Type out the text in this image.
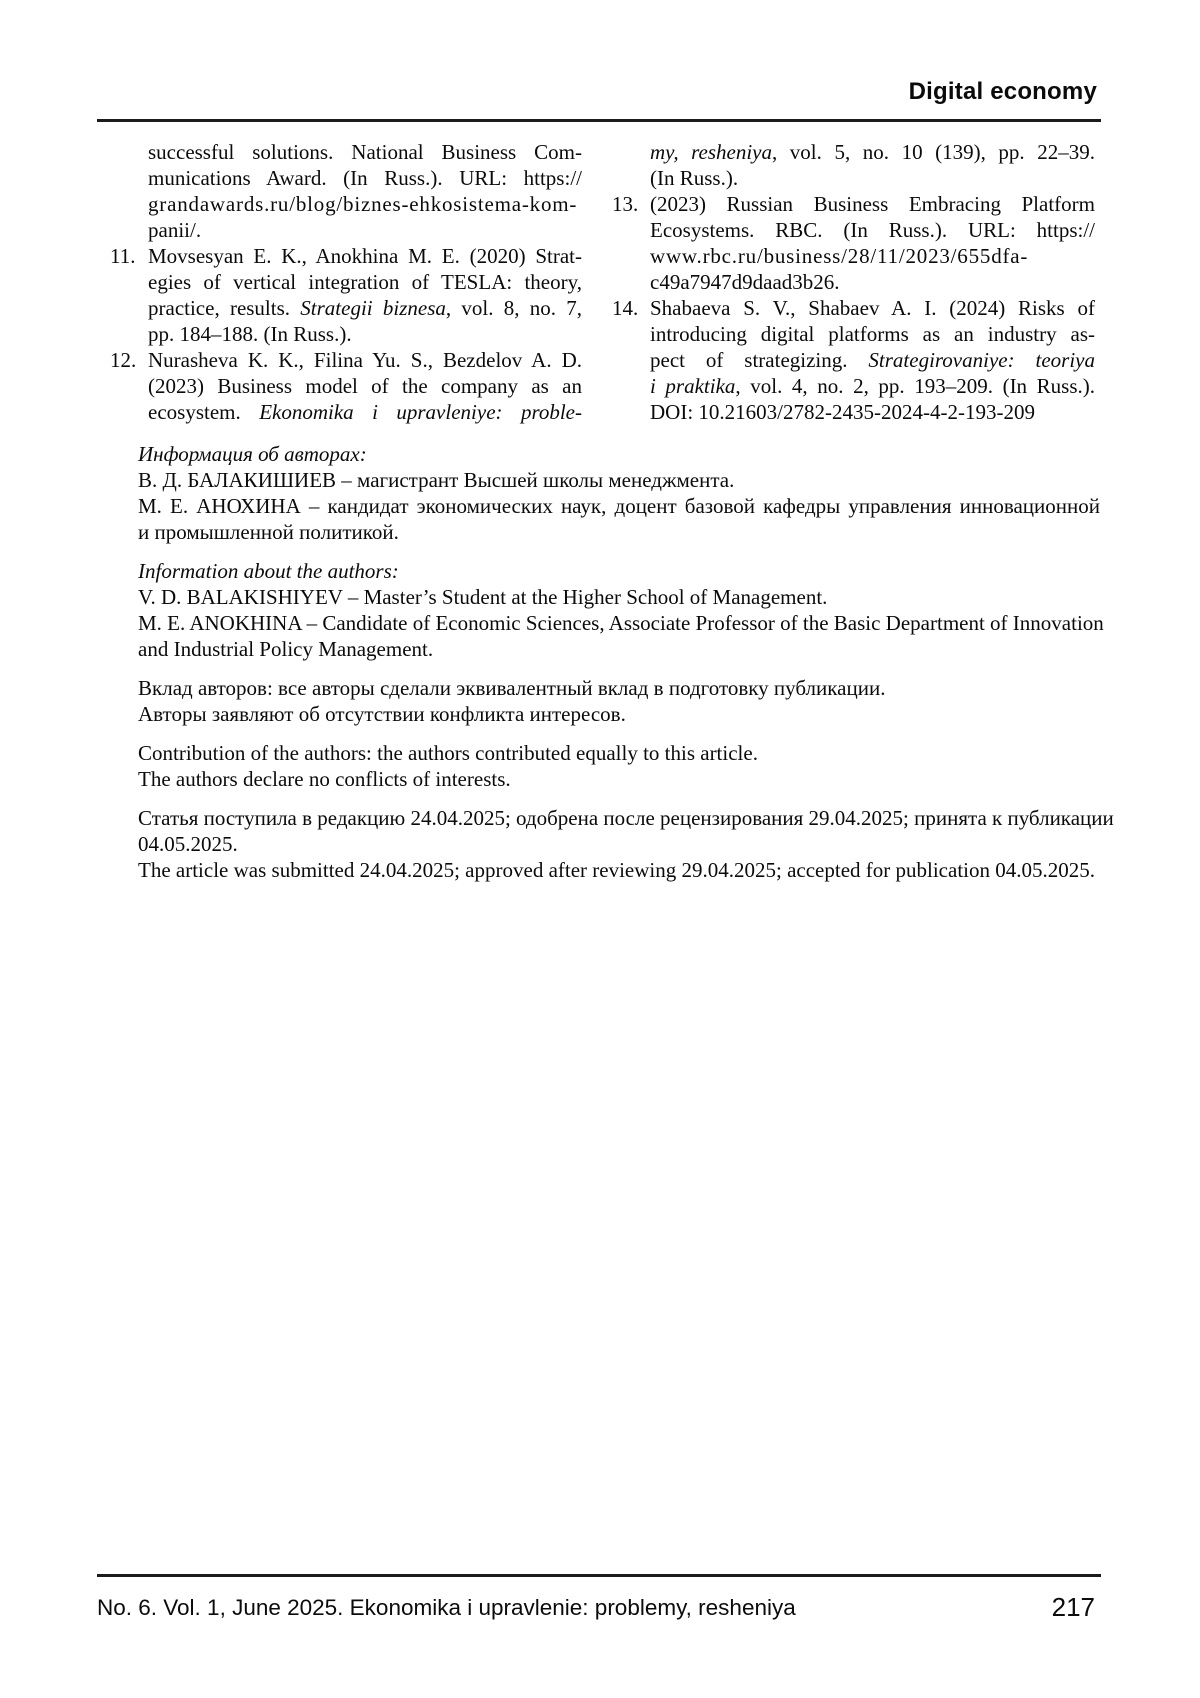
Digital economy
successful solutions. National Business Com-
munications Award. (In Russ.). URL: https://
grandawards.ru/blog/biznes-ehkosistema-kom-
panii/.
11. Movsesyan E. K., Anokhina M. E. (2020) Strat-
egies of vertical integration of TESLA: theory,
practice, results. Strategii biznesa, vol. 8, no. 7,
pp. 184–188. (In Russ.).
12. Nurasheva K. K., Filina Yu. S., Bezdelov A. D.
(2023) Business model of the company as an
ecosystem. Ekonomika i upravleniye: proble-
my, resheniya, vol. 5, no. 10 (139), pp. 22–39.
(In Russ.).
13. (2023) Russian Business Embracing Platform
Ecosystems. RBC. (In Russ.). URL: https://
www.rbc.ru/business/28/11/2023/655dfa-
c49a7947d9daad3b26.
14. Shabaeva S. V., Shabaev A. I. (2024) Risks of
introducing digital platforms as an industry as-
pect of strategizing. Strategirovaniye: teoriya
i praktika, vol. 4, no. 2, pp. 193–209. (In Russ.).
DOI: 10.21603/2782-2435-2024-4-2-193-209
Информация об авторах:
В. Д. БАЛАКИШИЕВ – магистрант Высшей школы менеджмента.
М. Е. АНОХИНА – кандидат экономических наук, доцент базовой кафедры управления инновационной
и промышленной политикой.
Information about the authors:
V. D. BALAKISHIYEV – Master’s Student at the Higher School of Management.
M. E. ANOKHINA – Candidate of Economic Sciences, Associate Professor of the Basic Department of Innovation
and Industrial Policy Management.
Вклад авторов: все авторы сделали эквивалентный вклад в подготовку публикации.
Авторы заявляют об отсутствии конфликта интересов.
Contribution of the authors: the authors contributed equally to this article.
The authors declare no conflicts of interests.
Статья поступила в редакцию 24.04.2025; одобрена после рецензирования 29.04.2025; принята к публикации
04.05.2025.
The article was submitted 24.04.2025; approved after reviewing 29.04.2025; accepted for publication 04.05.2025.
No. 6. Vol. 1, June 2025. Ekonomika i upravlenie: problemy, resheniya	217
